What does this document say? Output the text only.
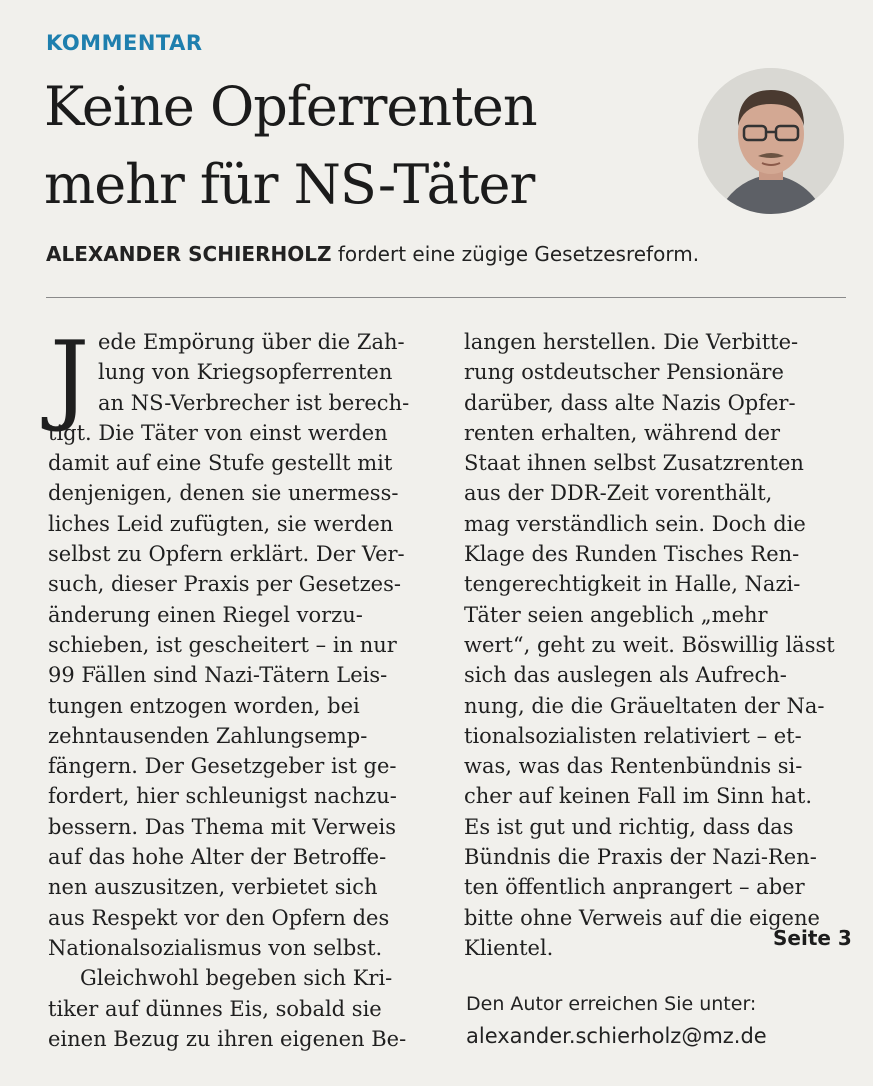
KOMMENTAR
Keine Opferrenten
mehr für NS-Täter
ALEXANDER SCHIERHOLZ fordert eine zügige Gesetzesreform.
J ede Empörung über die Zah-
lung von Kriegsopferrenten
an NS-Verbrecher ist berech-
tigt. Die Täter von einst werden
damit auf eine Stufe gestellt mit
denjenigen, denen sie unermess-
liches Leid zufügten, sie werden
selbst zu Opfern erklärt. Der Ver-
such, dieser Praxis per Gesetzes-
änderung einen Riegel vorzu-
schieben, ist gescheitert – in nur
99 Fällen sind Nazi-Tätern Leis-
tungen entzogen worden, bei
zehntausenden Zahlungsemp-
fängern. Der Gesetzgeber ist ge-
fordert, hier schleunigst nachzu-
bessern. Das Thema mit Verweis
auf das hohe Alter der Betroffe-
nen auszusitzen, verbietet sich
aus Respekt vor den Opfern des
Nationalsozialismus von selbst.
Gleichwohl begeben sich Kri-
tiker auf dünnes Eis, sobald sie
einen Bezug zu ihren eigenen Be-
langen herstellen. Die Verbitte-
rung ostdeutscher Pensionäre
darüber, dass alte Nazis Opfer-
renten erhalten, während der
Staat ihnen selbst Zusatzrenten
aus der DDR-Zeit vorenthält,
mag verständlich sein. Doch die
Klage des Runden Tisches Ren-
tengerechtigkeit in Halle, Nazi-
Täter seien angeblich „mehr
wert“, geht zu weit. Böswillig lässt
sich das auslegen als Aufrech-
nung, die die Gräueltaten der Na-
tionalsozialisten relativiert – et-
was, was das Rentenbündnis si-
cher auf keinen Fall im Sinn hat.
Es ist gut und richtig, dass das
Bündnis die Praxis der Nazi-Ren-
ten öffentlich anprangert – aber
bitte ohne Verweis auf die eigene
Klientel.	Seite 3
Den Autor erreichen Sie unter:
alexander.schierholz@mz.de
